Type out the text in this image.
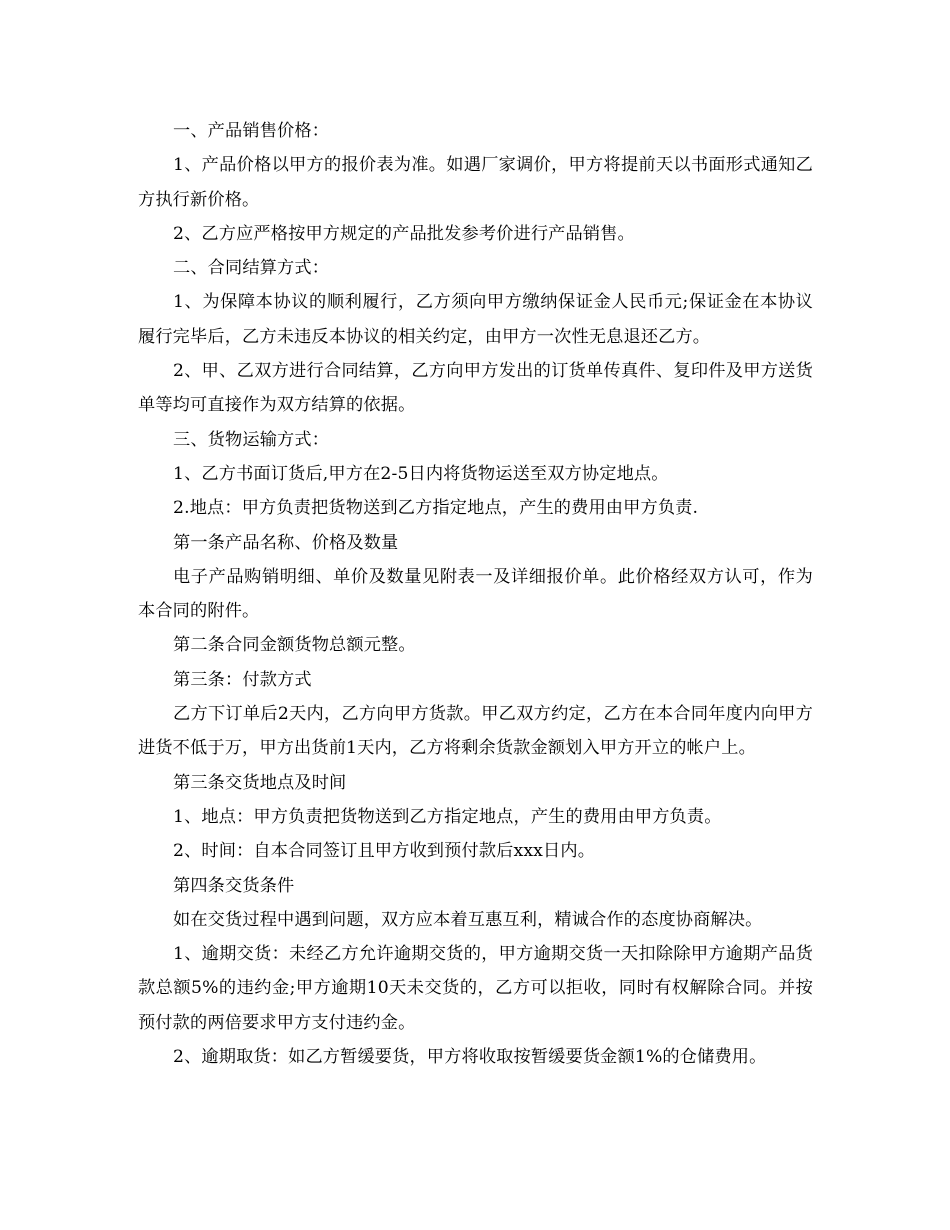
一、产品销售价格：

1、产品价格以甲方的报价表为准。如遇厂家调价，甲方将提前天以书面形式通知乙方执行新价格。

2、乙方应严格按甲方规定的产品批发参考价进行产品销售。

二、合同结算方式：

1、为保障本协议的顺利履行，乙方须向甲方缴纳保证金人民币元;保证金在本协议履行完毕后，乙方未违反本协议的相关约定，由甲方一次性无息退还乙方。

2、甲、乙双方进行合同结算，乙方向甲方发出的订货单传真件、复印件及甲方送货单等均可直接作为双方结算的依据。

三、货物运输方式：

1、乙方书面订货后,甲方在2-5日内将货物运送至双方协定地点。

2.地点：甲方负责把货物送到乙方指定地点，产生的费用由甲方负责.

第一条产品名称、价格及数量

电子产品购销明细、单价及数量见附表一及详细报价单。此价格经双方认可，作为本合同的附件。

第二条合同金额货物总额元整。

第三条：付款方式

乙方下订单后2天内，乙方向甲方货款。甲乙双方约定，乙方在本合同年度内向甲方进货不低于万，甲方出货前1天内，乙方将剩余货款金额划入甲方开立的帐户上。

第三条交货地点及时间

1、地点：甲方负责把货物送到乙方指定地点，产生的费用由甲方负责。

2、时间：自本合同签订且甲方收到预付款后xxx日内。

第四条交货条件

如在交货过程中遇到问题，双方应本着互惠互利，精诚合作的态度协商解决。

1、逾期交货：未经乙方允许逾期交货的，甲方逾期交货一天扣除除甲方逾期产品货款总额5%的违约金;甲方逾期10天未交货的，乙方可以拒收，同时有权解除合同。并按预付款的两倍要求甲方支付违约金。

2、逾期取货：如乙方暂缓要货，甲方将收取按暂缓要货金额1%的仓储费用。
